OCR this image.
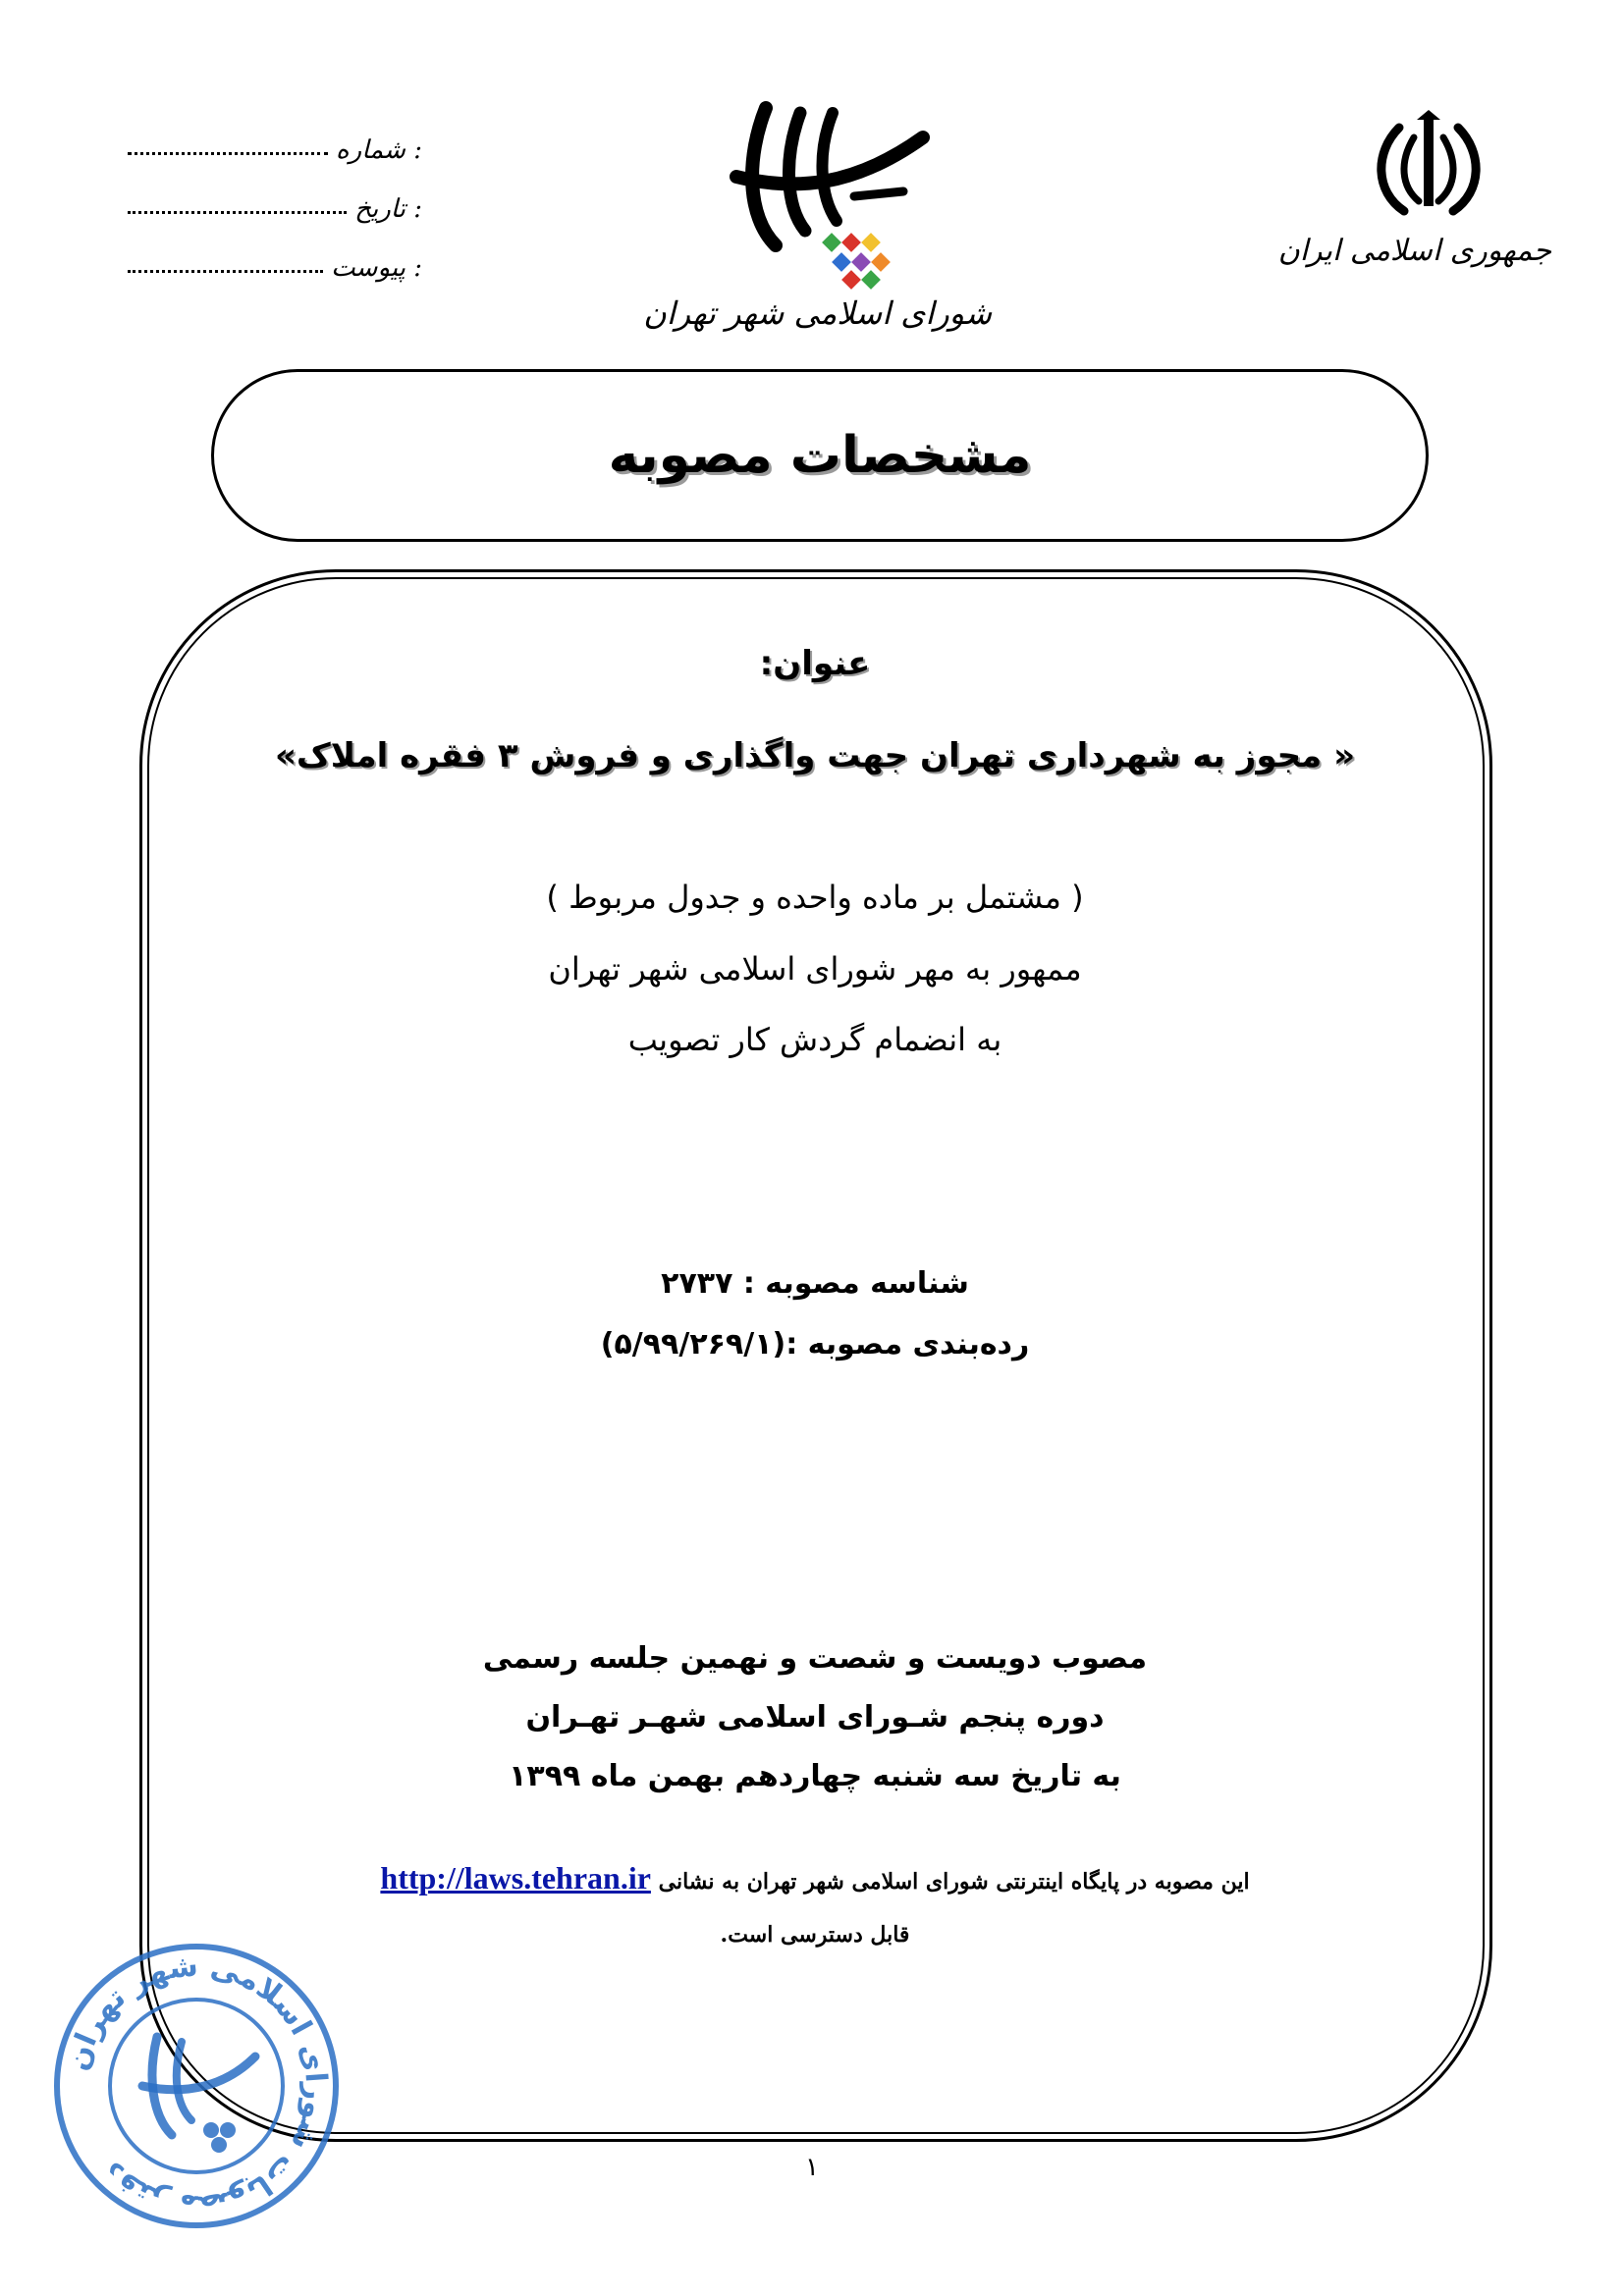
شماره :
تاریخ :
پیوست :
شورای اسلامی شهر تهران
جمهوری اسلامی ایران
مشخصات مصوبه
عنوان:
« مجوز به شهرداری تهران جهت واگذاری و فروش ۳ فقره املاک»
( مشتمل بر ماده واحده و جدول مربوط )
ممهور به مهر شورای اسلامی شهر تهران
به انضمام گردش کار تصویب
شناسه مصوبه : ۲۷۳۷
رده‌بندی مصوبه :(۵/۹۹/۲۶۹/۱)
مصوب دویست و شصت و نهمین جلسه رسمی
دوره پنجم شـورای اسلامی شهـر تهـران
به تاریخ سه شنبه چهاردهم بهمن ماه ۱۳۹۹
این مصوبه در پایگاه اینترنتی شورای اسلامی شهر تهران به نشانی http://laws.tehran.ir
قابل دسترسی است.
دفتر مصوبات شورای اسلامی شهر تهران	۱
